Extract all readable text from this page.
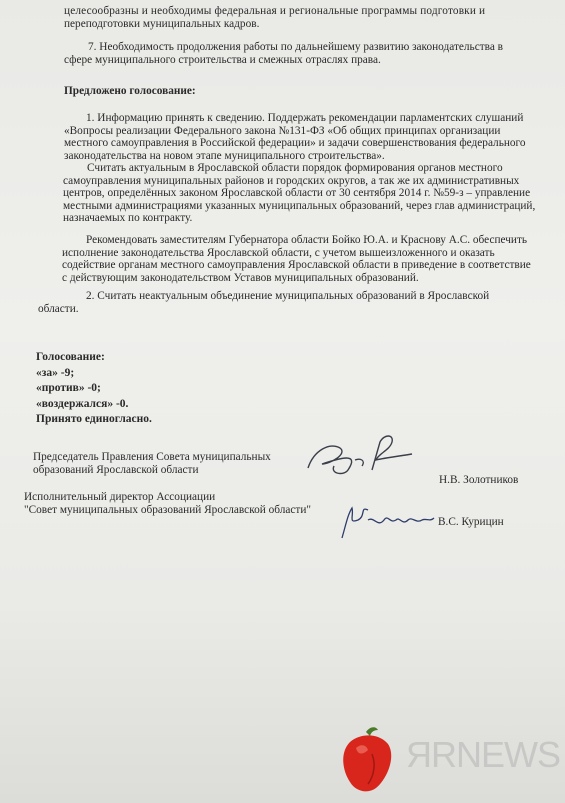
целесообразны и необходимы федеральная и региональные программы подготовки и
переподготовки муниципальных кадров.
7. Необходимость продолжения работы по дальнейшему развитию законодательства в
сфере муниципального строительства и смежных отраслях права.
Предложено голосование:
1. Информацию принять к сведению. Поддержать рекомендации парламентских слушаний
«Вопросы реализации Федерального закона №131-ФЗ «Об общих принципах организации
местного самоуправления в Российской федерации» и задачи совершенствования федерального
законодательства на новом этапе муниципального строительства».
Считать актуальным в Ярославской области порядок формирования органов местного
самоуправления муниципальных районов и городских округов, а так же их административных
центров, определённых законом Ярославской области от 30 сентября 2014 г. №59-з – управление
местными администрациями указанных муниципальных образований, через глав администраций,
назначаемых по контракту.
Рекомендовать заместителям Губернатора области Бойко Ю.А. и Краснову А.С. обеспечить
исполнение законодательства Ярославской области, с учетом вышеизложенного и оказать
содействие органам местного самоуправления Ярославской области в приведение в соответствие
с действующим законодательством Уставов муниципальных образований.
2. Считать неактуальным объединение муниципальных образований в Ярославской
области.
Голосование:
«за» -9;
«против» -0;
«воздержался» -0.
Принято единогласно.
Председатель Правления Совета муниципальных
образований Ярославской области
Н.В. Золотников
Исполнительный директор Ассоциации
"Совет муниципальных образований Ярославской области"
В.С. Курицин
ЯRNEWS
